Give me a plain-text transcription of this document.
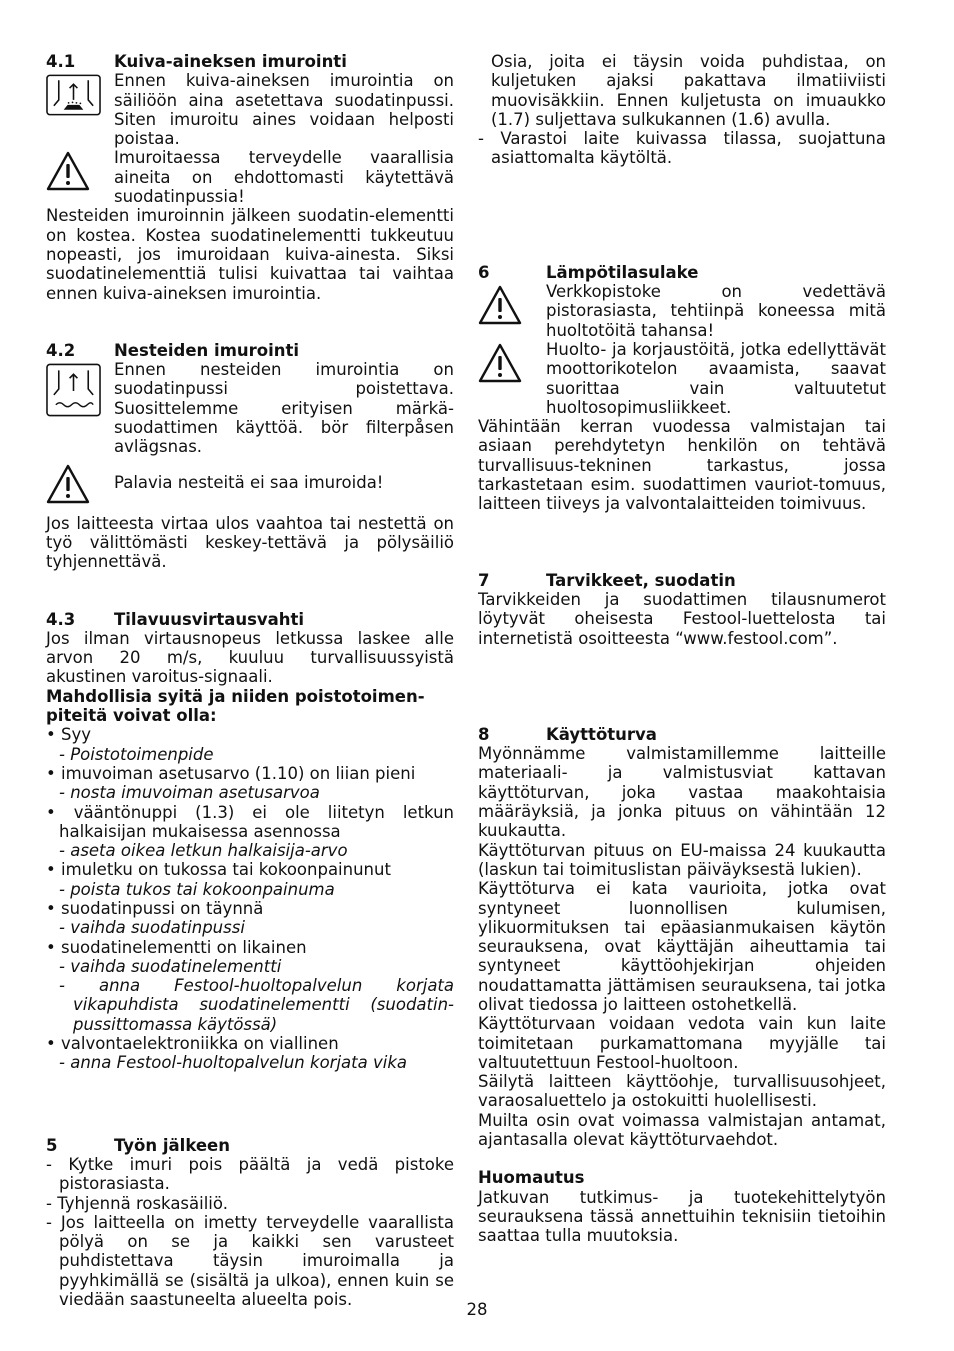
4.1	Kuiva-aineksen imurointi
Ennen kuiva-aineksen imurointia on säiliöön aina asetettava suodatinpussi. Siten imuroitu aines voidaan helposti poistaa.
Imuroitaessa terveydelle vaarallisia aineita on ehdottomasti käytettävä suodatinpussia!
Nesteiden imuroinnin jälkeen suodatin-elementti on kostea. Kostea suodatinelementti tukkeutuu nopeasti, jos imuroidaan kuiva-ainesta. Siksi suodatinelementtiä tulisi kuivattaa tai vaihtaa ennen kuiva-aineksen imurointia.
4.2	Nesteiden imurointi
Ennen nesteiden imurointia on suodatinpussi poistettava. Suosittelemme erityisen märkä-suodattimen käyttöä. bör filterpåsen avlägsnas.
Palavia nesteitä ei saa imuroida!
Jos laitteesta virtaa ulos vaahtoa tai nestettä on työ välittömästi keskey-tettävä ja pölysäiliö tyhjennettävä.
4.3	Tilavuusvirtausvahti
Jos ilman virtausnopeus letkussa laskee alle arvon 20 m/s, kuuluu turvallisuussyistä akustinen varoitus-signaali.
Mahdollisia syitä ja niiden poistotoimen-piteitä voivat olla:
• Syy
- Poistotoimenpide
• imuvoiman asetusarvo (1.10) on liian pieni
- nosta imuvoiman asetusarvoa
• vääntönuppi (1.3) ei ole liitetyn letkun halkaisijan mukaisessa asennossa
- aseta oikea letkun halkaisija-arvo
• imuletku on tukossa tai kokoonpainunut
- poista tukos tai kokoonpainuma
• suodatinpussi on täynnä
- vaihda suodatinpussi
• suodatinelementti on likainen
- vaihda suodatinelementti
- anna Festool-huoltopalvelun korjata vikapuhdista suodatinelementti (suodatin-pussittomassa käytössä)
• valvontaelektroniikka on viallinen
- anna Festool-huoltopalvelun korjata vika
5	Työn jälkeen
- Kytke imuri pois päältä ja vedä pistoke pistorasiasta.
- Tyhjennä roskasäiliö.
- Jos laitteella on imetty terveydelle vaarallista pölyä on se ja kaikki sen varusteet puhdistettava täysin imuroimalla ja pyyhkimällä se (sisältä ja ulkoa), ennen kuin se viedään saastuneelta alueelta pois.
Osia, joita ei täysin voida puhdistaa, on kuljetuken ajaksi pakattava ilmatiiviisti muovisäkkiin. Ennen kuljetusta on imuaukko (1.7) suljettava sulkukannen (1.6) avulla.
- Varastoi laite kuivassa tilassa, suojattuna asiattomalta käytöltä.
6	Lämpötilasulake
Verkkopistoke on vedettävä pistorasiasta, tehtiinpä koneessa mitä huoltotöitä tahansa!
Huolto- ja korjaustöitä, jotka edellyttävät moottorikotelon avaamista, saavat suorittaa vain valtuutetut huoltosopimusliikkeet.
Vähintään kerran vuodessa valmistajan tai asiaan perehdytetyn henkilön on tehtävä turvallisuus-tekninen tarkastus, jossa tarkastetaan esim. suodattimen vauriot-tomuus, laitteen tiiveys ja valvontalaitteiden toimivuus.
7	Tarvikkeet, suodatin
Tarvikkeiden ja suodattimen tilausnumerot löytyvät oheisesta Festool-luettelosta tai internetistä osoitteesta “www.festool.com”.
8	Käyttöturva
Myönnämme valmistamillemme laitteille materiaali- ja valmistusviat kattavan käyttöturvan, joka vastaa maakohtaisia määräyksiä, ja jonka pituus on vähintään 12 kuukautta.
Käyttöturvan pituus on EU-maissa 24 kuukautta (laskun tai toimituslistan päiväyksestä lukien).
Käyttöturva ei kata vaurioita, jotka ovat syntyneet luonnollisen kulumisen, ylikuormituksen tai epäasianmukaisen käytön seurauksena, ovat käyttäjän aiheuttamia tai syntyneet käyttöohjekirjan ohjeiden noudattamatta jättämisen seurauksena, tai jotka olivat tiedossa jo laitteen ostohetkellä.
Käyttöturvaan voidaan vedota vain kun laite toimitetaan purkamattomana myyjälle tai valtuutettuun Festool-huoltoon.
Säilytä laitteen käyttöohje, turvallisuusohjeet, varaosaluettelo ja ostokuitti huolellisesti.
Muilta osin ovat voimassa valmistajan antamat, ajantasalla olevat käyttöturvaehdot.
Huomautus
Jatkuvan tutkimus- ja tuotekehittelytyön seurauksena tässä annettuihin teknisiin tietoihin saattaa tulla muutoksia.
28
